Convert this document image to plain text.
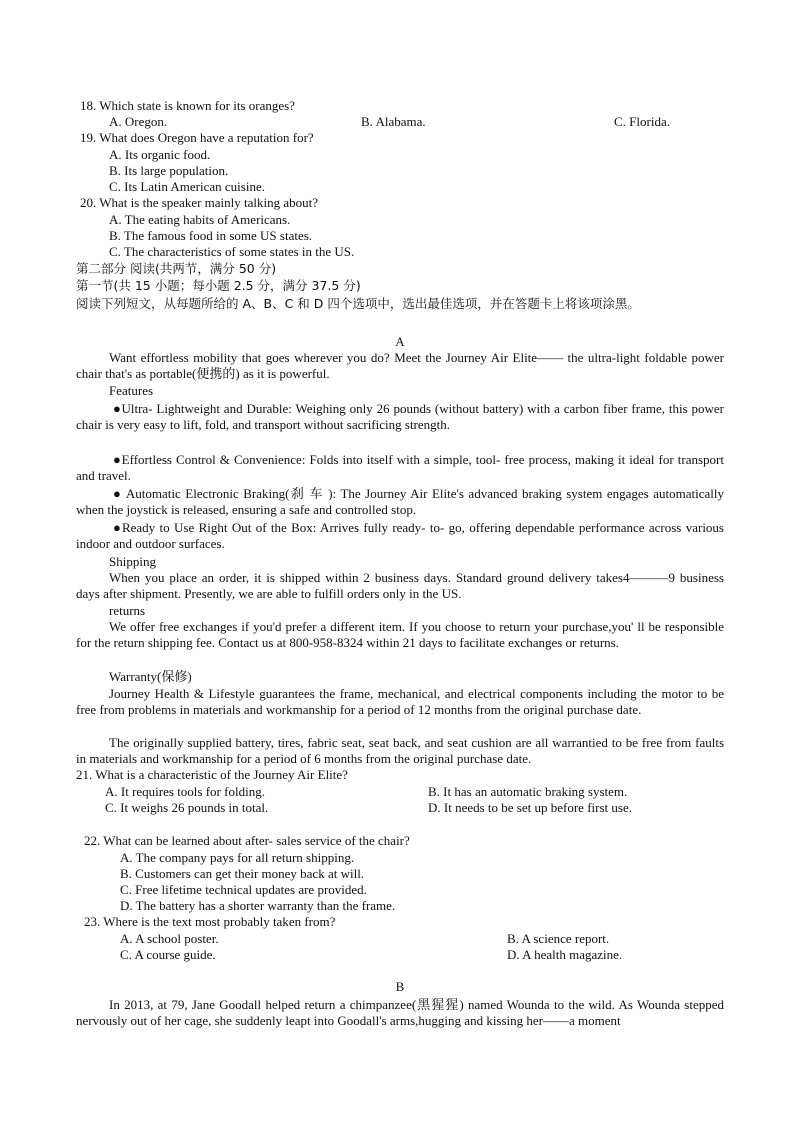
18. Which state is known for its oranges?
A. Oregon.	B. Alabama.	C. Florida.
19. What does Oregon have a reputation for?
A. Its organic food.
B. Its large population.
C. Its Latin American cuisine.
20. What is the speaker mainly talking about?
A. The eating habits of Americans.
B. The famous food in some US states.
C. The characteristics of some states in the US.
第二部分 阅读(共两节，满分 50 分)
第一节(共 15 小题；每小题 2.5 分，满分 37.5 分)
阅读下列短文，从每题所给的 A、B、C 和 D 四个选项中，选出最佳选项，并在答题卡上将该项涂黑。
A
Want effortless mobility that goes wherever you do? Meet the Journey Air Elite—— the ultra-light foldable power chair that's as portable(便携的) as it is powerful.
Features
●Ultra- Lightweight and Durable: Weighing only 26 pounds (without battery) with a carbon fiber frame, this power chair is very easy to lift, fold, and transport without sacrificing strength.
●Effortless Control & Convenience: Folds into itself with a simple, tool- free process, making it ideal for transport and travel.
● Automatic Electronic Braking(刹 车 ): The Journey Air Elite's advanced braking system engages automatically when the joystick is released, ensuring a safe and controlled stop.
●Ready to Use Right Out of the Box: Arrives fully ready- to- go, offering dependable performance across various indoor and outdoor surfaces.
Shipping
When you place an order, it is shipped within 2 business days. Standard ground delivery takes4———9 business days after shipment. Presently, we are able to fulfill orders only in the US.
returns
We offer free exchanges if you'd prefer a different item. If you choose to return your purchase,you' ll be responsible for the return shipping fee. Contact us at 800-958-8324 within 21 days to facilitate exchanges or returns.
Warranty(保修)
Journey Health & Lifestyle guarantees the frame, mechanical, and electrical components including the motor to be free from problems in materials and workmanship for a period of 12 months from the original purchase date.
The originally supplied battery, tires, fabric seat, seat back, and seat cushion are all warrantied to be free from faults in materials and workmanship for a period of 6 months from the original purchase date.
21. What is a characteristic of the Journey Air Elite?
A. It requires tools for folding.	B. It has an automatic braking system.
C. It weighs 26 pounds in total.	D. It needs to be set up before first use.
22. What can be learned about after- sales service of the chair?
A. The company pays for all return shipping.
B. Customers can get their money back at will.
C. Free lifetime technical updates are provided.
D. The battery has a shorter warranty than the frame.
23. Where is the text most probably taken from?
A. A school poster.	B. A science report.
C. A course guide.	D. A health magazine.
B
In 2013, at 79, Jane Goodall helped return a chimpanzee(黑猩猩) named Wounda to the wild. As Wounda stepped nervously out of her cage, she suddenly leapt into Goodall's arms,hugging and kissing her——a moment
